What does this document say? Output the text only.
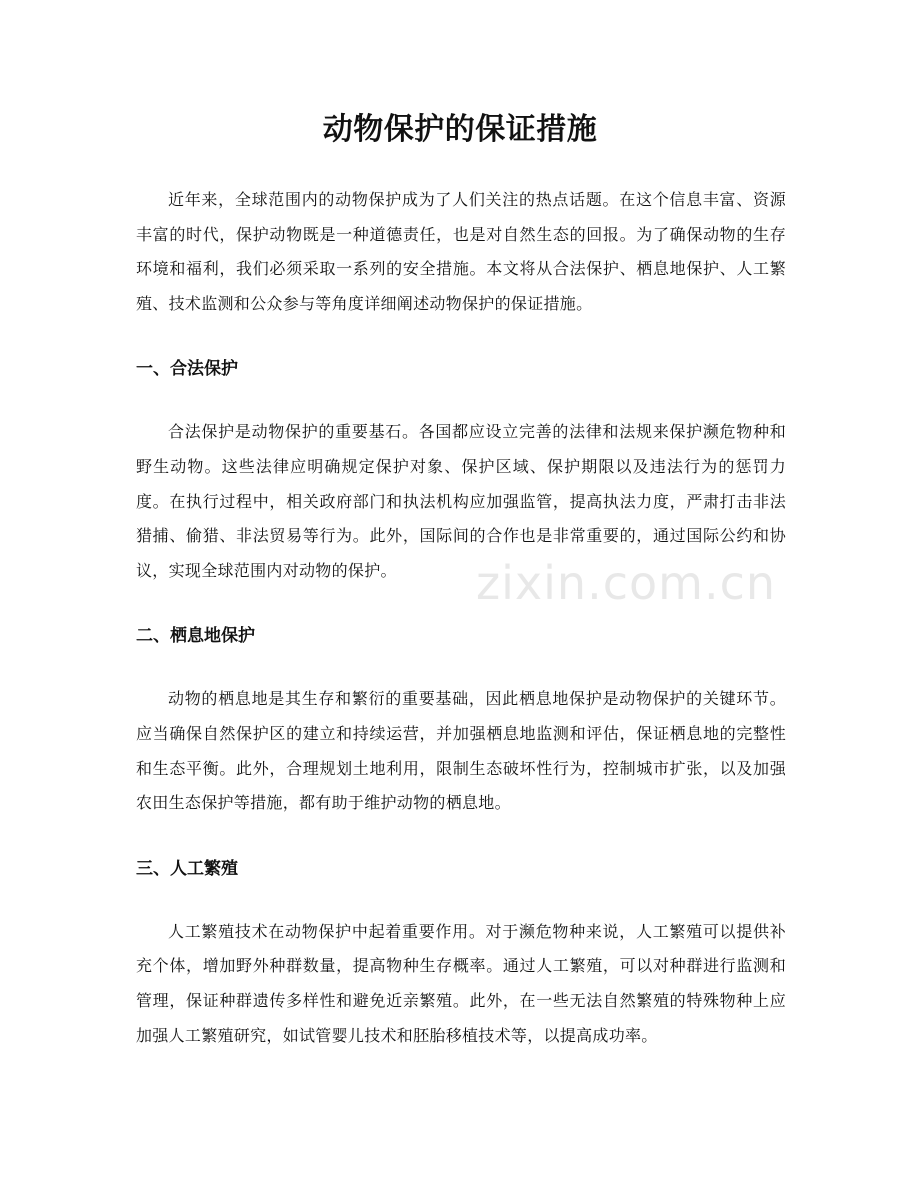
动物保护的保证措施

近年来，全球范围内的动物保护成为了人们关注的热点话题。在这个信息丰富、资源丰富的时代，保护动物既是一种道德责任，也是对自然生态的回报。为了确保动物的生存环境和福利，我们必须采取一系列的安全措施。本文将从合法保护、栖息地保护、人工繁殖、技术监测和公众参与等角度详细阐述动物保护的保证措施。

一、合法保护

合法保护是动物保护的重要基石。各国都应设立完善的法律和法规来保护濒危物种和野生动物。这些法律应明确规定保护对象、保护区域、保护期限以及违法行为的惩罚力度。在执行过程中，相关政府部门和执法机构应加强监管，提高执法力度，严肃打击非法猎捕、偷猎、非法贸易等行为。此外，国际间的合作也是非常重要的，通过国际公约和协议，实现全球范围内对动物的保护。

二、栖息地保护

动物的栖息地是其生存和繁衍的重要基础，因此栖息地保护是动物保护的关键环节。应当确保自然保护区的建立和持续运营，并加强栖息地监测和评估，保证栖息地的完整性和生态平衡。此外，合理规划土地利用，限制生态破坏性行为，控制城市扩张，以及加强农田生态保护等措施，都有助于维护动物的栖息地。

三、人工繁殖

人工繁殖技术在动物保护中起着重要作用。对于濒危物种来说，人工繁殖可以提供补充个体，增加野外种群数量，提高物种生存概率。通过人工繁殖，可以对种群进行监测和管理，保证种群遗传多样性和避免近亲繁殖。此外，在一些无法自然繁殖的特殊物种上应加强人工繁殖研究，如试管婴儿技术和胚胎移植技术等，以提高成功率。

zixin.com.cn
